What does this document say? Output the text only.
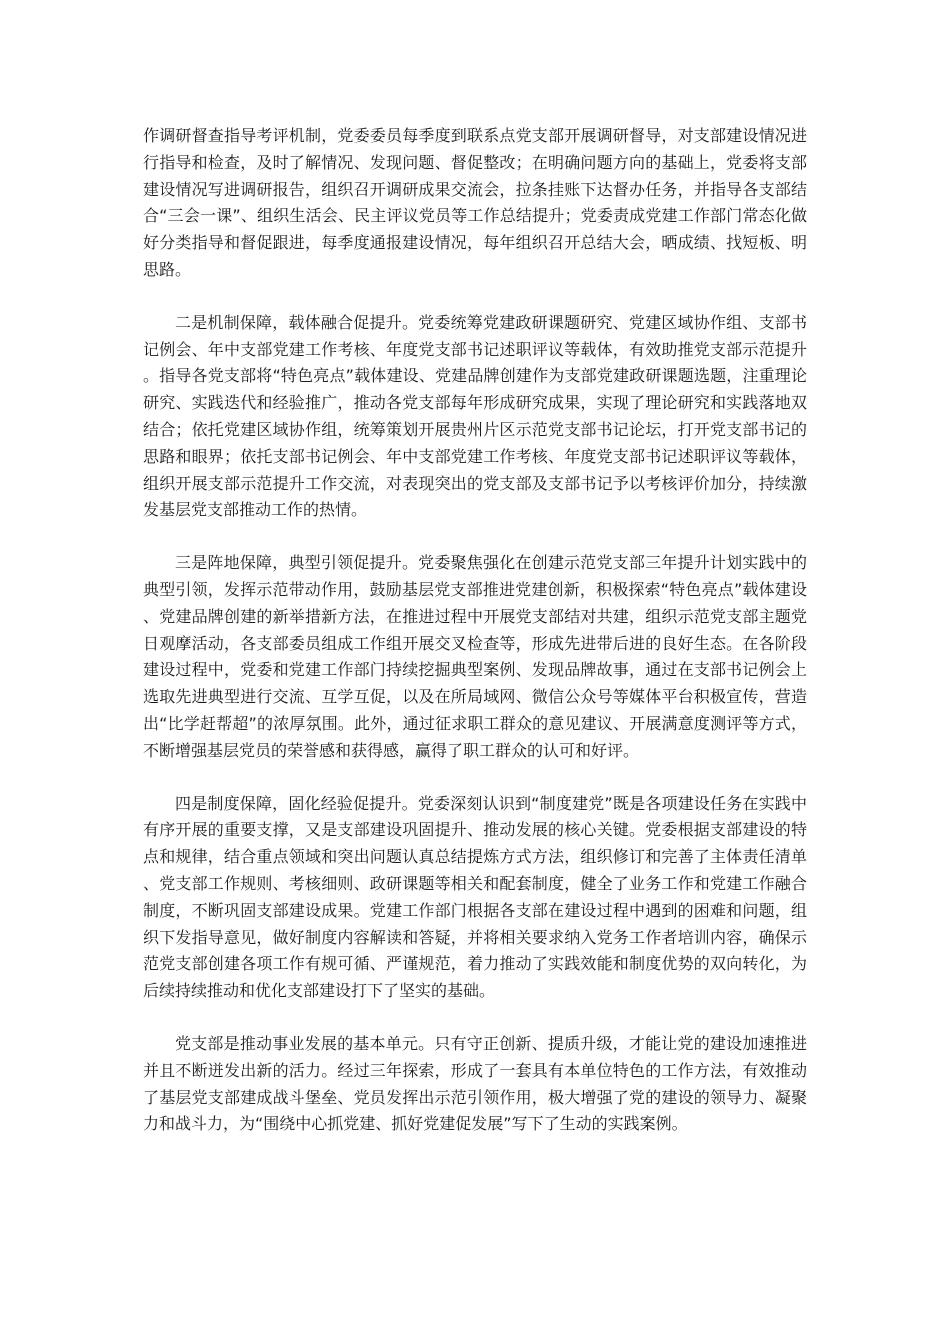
作调研督查指导考评机制，党委委员每季度到联系点党支部开展调研督导，对支部建设情况进行指导和检查，及时了解情况、发现问题、督促整改；在明确问题方向的基础上，党委将支部建设情况写进调研报告，组织召开调研成果交流会，拉条挂账下达督办任务，并指导各支部结合“三会一课”、组织生活会、民主评议党员等工作总结提升；党委责成党建工作部门常态化做好分类指导和督促跟进，每季度通报建设情况，每年组织召开总结大会，晒成绩、找短板、明思路。

二是机制保障，载体融合促提升。党委统筹党建政研课题研究、党建区域协作组、支部书记例会、年中支部党建工作考核、年度党支部书记述职评议等载体，有效助推党支部示范提升。指导各党支部将“特色亮点”载体建设、党建品牌创建作为支部党建政研课题选题，注重理论研究、实践迭代和经验推广，推动各党支部每年形成研究成果，实现了理论研究和实践落地双结合；依托党建区域协作组，统筹策划开展贵州片区示范党支部书记论坛，打开党支部书记的思路和眼界；依托支部书记例会、年中支部党建工作考核、年度党支部书记述职评议等载体，组织开展支部示范提升工作交流，对表现突出的党支部及支部书记予以考核评价加分，持续激发基层党支部推动工作的热情。

三是阵地保障，典型引领促提升。党委聚焦强化在创建示范党支部三年提升计划实践中的典型引领，发挥示范带动作用，鼓励基层党支部推进党建创新，积极探索“特色亮点”载体建设、党建品牌创建的新举措新方法，在推进过程中开展党支部结对共建，组织示范党支部主题党日观摩活动，各支部委员组成工作组开展交叉检查等，形成先进带后进的良好生态。在各阶段建设过程中，党委和党建工作部门持续挖掘典型案例、发现品牌故事，通过在支部书记例会上选取先进典型进行交流、互学互促，以及在所局域网、微信公众号等媒体平台积极宣传，营造出“比学赶帮超”的浓厚氛围。此外，通过征求职工群众的意见建议、开展满意度测评等方式，不断增强基层党员的荣誉感和获得感，赢得了职工群众的认可和好评。

四是制度保障，固化经验促提升。党委深刻认识到“制度建党”既是各项建设任务在实践中有序开展的重要支撑，又是支部建设巩固提升、推动发展的核心关键。党委根据支部建设的特点和规律，结合重点领域和突出问题认真总结提炼方式方法，组织修订和完善了主体责任清单、党支部工作规则、考核细则、政研课题等相关和配套制度，健全了业务工作和党建工作融合制度，不断巩固支部建设成果。党建工作部门根据各支部在建设过程中遇到的困难和问题，组织下发指导意见，做好制度内容解读和答疑，并将相关要求纳入党务工作者培训内容，确保示范党支部创建各项工作有规可循、严谨规范，着力推动了实践效能和制度优势的双向转化，为后续持续推动和优化支部建设打下了坚实的基础。

党支部是推动事业发展的基本单元。只有守正创新、提质升级，才能让党的建设加速推进并且不断迸发出新的活力。经过三年探索，形成了一套具有本单位特色的工作方法，有效推动了基层党支部建成战斗堡垒、党员发挥出示范引领作用，极大增强了党的建设的领导力、凝聚力和战斗力，为“围绕中心抓党建、抓好党建促发展”写下了生动的实践案例。
